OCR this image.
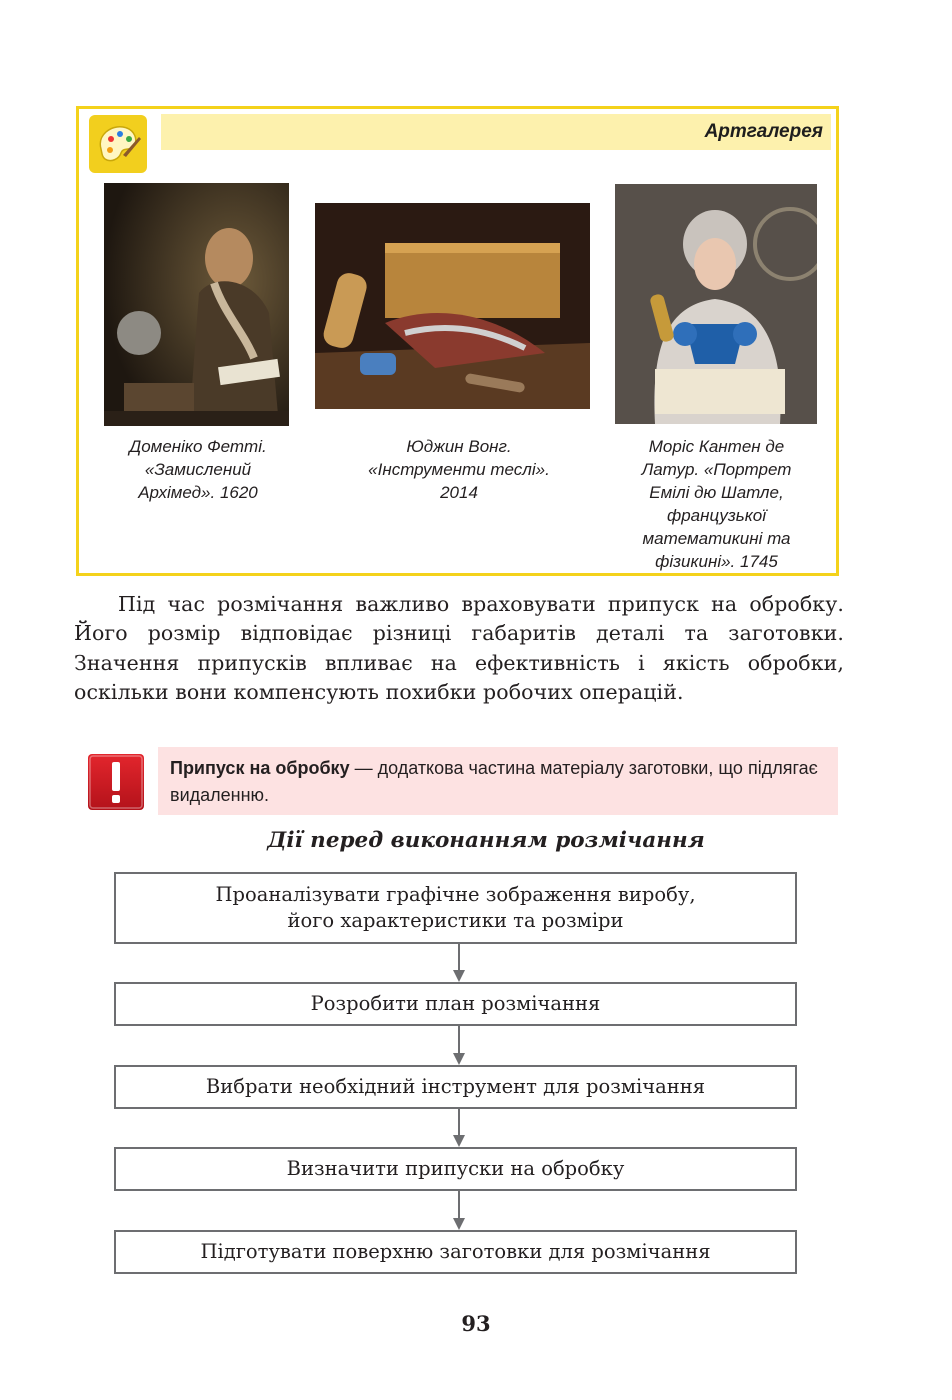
Артгалерея
Доменіко Фетті.
«Замислений
Архімед». 1620
Юджин Вонг.
«Інструменти теслі».
2014
Моріс Кантен де
Латур. «Портрет
Емілі дю Шатле,
французької
математикині та
фізикині». 1745
Під час розмічання важливо враховувати припуск на обробку. Його розмір відповідає різниці габаритів деталі та заготовки. Значення припусків впливає на ефективність і якість обробки, оскільки вони компенсують похибки робочих операцій.
Припуск на обробку — додаткова частина матеріалу заготовки, що підлягає видаленню.
Дії перед виконанням розмічання
Проаналізувати графічне зображення виробу,
його характеристики та розміри
Розробити план розмічання
Вибрати необхідний інструмент для розмічання
Визначити припуски на обробку
Підготувати поверхню заготовки для розмічання
93
